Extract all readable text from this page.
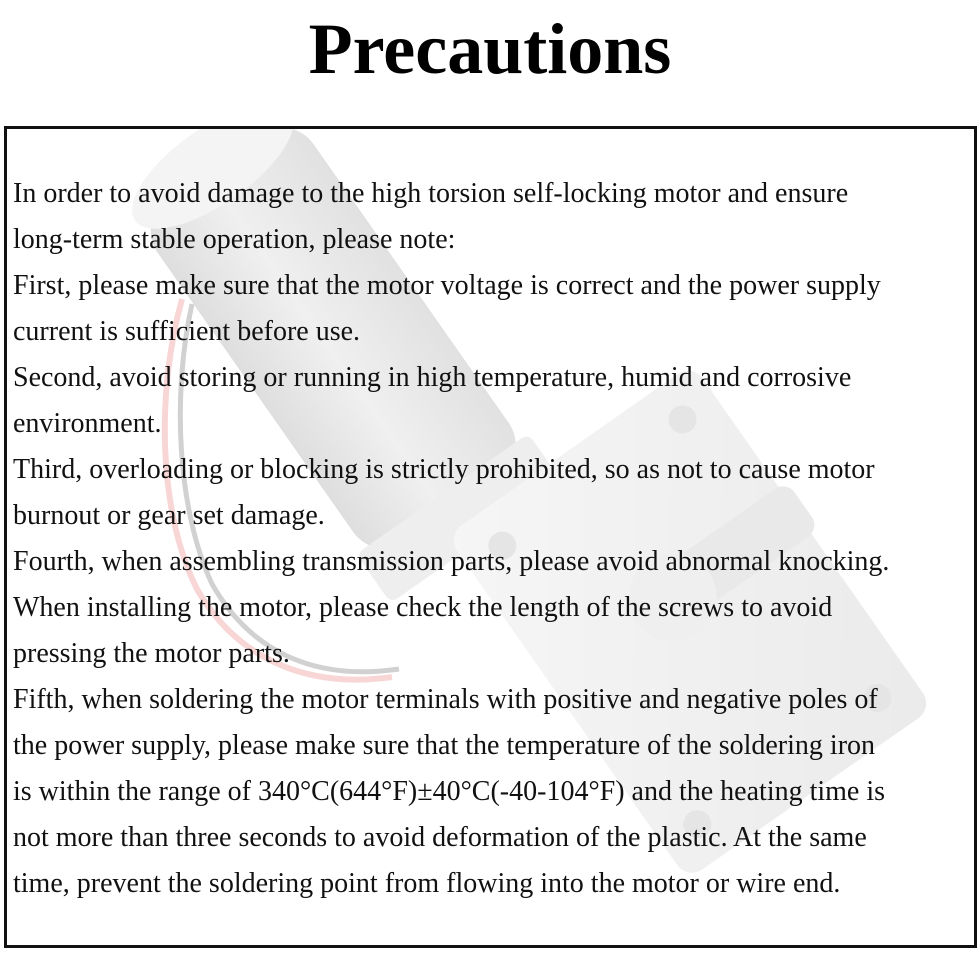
Precautions
In order to avoid damage to the high torsion self-locking motor and ensure
long-term stable operation, please note:
First, please make sure that the motor voltage is correct and the power supply
current is sufficient before use.
Second, avoid storing or running in high temperature, humid and corrosive
environment.
Third, overloading or blocking is strictly prohibited, so as not to cause motor
burnout or gear set damage.
Fourth, when assembling transmission parts, please avoid abnormal knocking.
When installing the motor, please check the length of the screws to avoid
pressing the motor parts.
Fifth, when soldering the motor terminals with positive and negative poles of
the power supply, please make sure that the temperature of the soldering iron
is within the range of 340°C(644°F)±40°C(-40-104°F) and the heating time is
not more than three seconds to avoid deformation of the plastic. At the same
time, prevent the soldering point from flowing into the motor or wire end.
